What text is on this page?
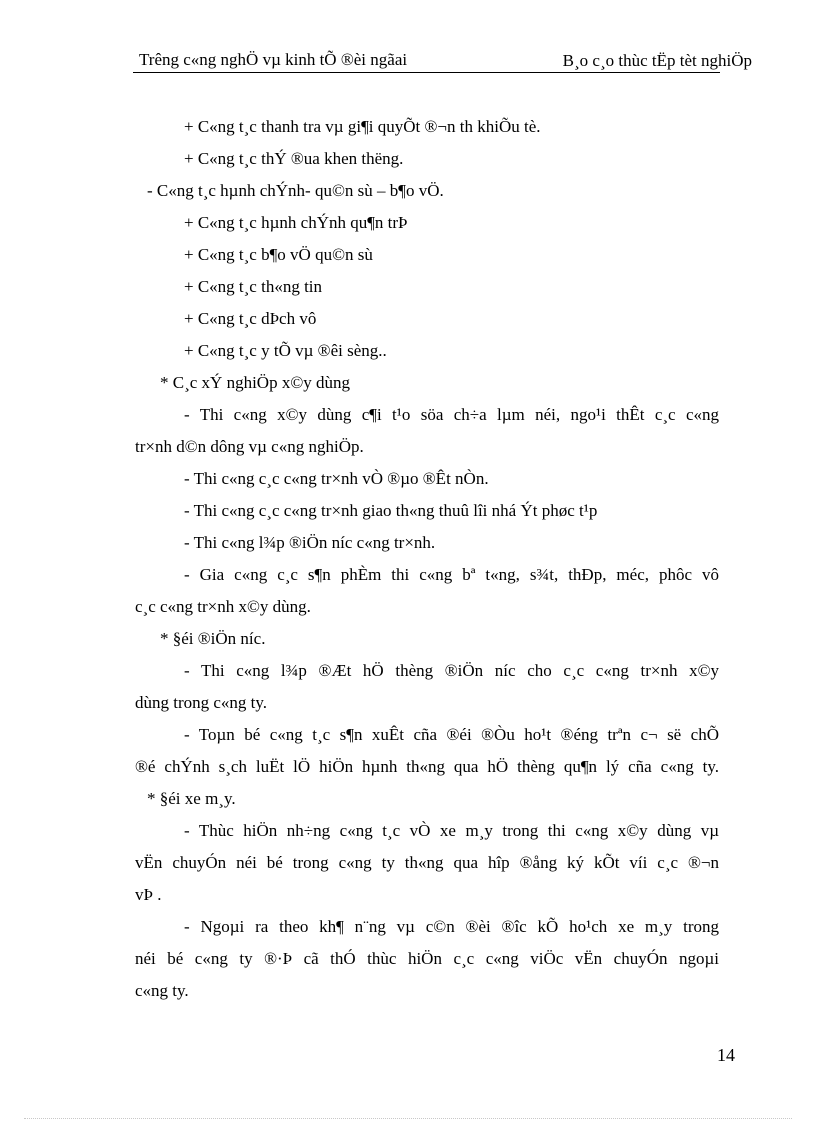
Trêng c«ng nghÖ vµ kinh tÕ ®èi ngãai	B¸o c¸o thùc tËp tèt nghiÖp
+ C«ng t¸c thanh tra vµ gi¶i quyÕt ®¬n th khiÕu tè.
+ C«ng t¸c thÝ ®ua khen thëng.
- C«ng t¸c hµnh chÝnh- qu©n sù – b¶o vÖ.
+ C«ng t¸c hµnh chÝnh qu¶n trÞ
+ C«ng t¸c b¶o vÖ qu©n sù
+ C«ng t¸c th«ng tin
+ C«ng t¸c dÞch vô
+ C«ng t¸c y tÕ vµ ®êi sèng..
* C¸c xÝ nghiÖp x©y dùng
- Thi c«ng x©y dùng c¶i t¹o söa ch÷a lµm néi, ngo¹i thÊt c¸c c«ng
tr×nh d©n dông vµ c«ng nghiÖp.
- Thi c«ng c¸c c«ng tr×nh vÒ ®µo ®Êt nÒn.
- Thi c«ng c¸c c«ng tr×nh giao th«ng thuû lîi nhá Ýt phøc t¹p
- Thi c«ng l¾p ®iÖn níc c«ng tr×nh.
- Gia c«ng c¸c s¶n phÈm thi c«ng bª t«ng, s¾t, thÐp, méc, phôc vô
c¸c c«ng tr×nh x©y dùng.
* §éi ®iÖn níc.
- Thi c«ng l¾p ®Æt hÖ thèng ®iÖn níc cho c¸c c«ng tr×nh x©y
dùng trong c«ng ty.
- Toµn bé c«ng t¸c s¶n xuÊt cña ®éi ®Òu ho¹t ®éng trªn c¬ së chÕ
®é chÝnh s¸ch luËt lÖ hiÖn hµnh th«ng qua hÖ thèng qu¶n lý cña c«ng ty.
* §éi xe m¸y.
- Thùc hiÖn nh÷ng c«ng t¸c vÒ xe m¸y trong thi c«ng x©y dùng vµ
vËn chuyÓn néi bé trong c«ng ty th«ng qua hîp ®ång ký kÕt víi c¸c ®¬n
vÞ .
- Ngoµi ra theo kh¶ n¨ng vµ c©n ®èi ®îc kÕ ho¹ch xe m¸y trong
néi bé c«ng ty ®·Þ cã thÓ thùc hiÖn c¸c c«ng viÖc vËn chuyÓn ngoµi
c«ng ty.
14
